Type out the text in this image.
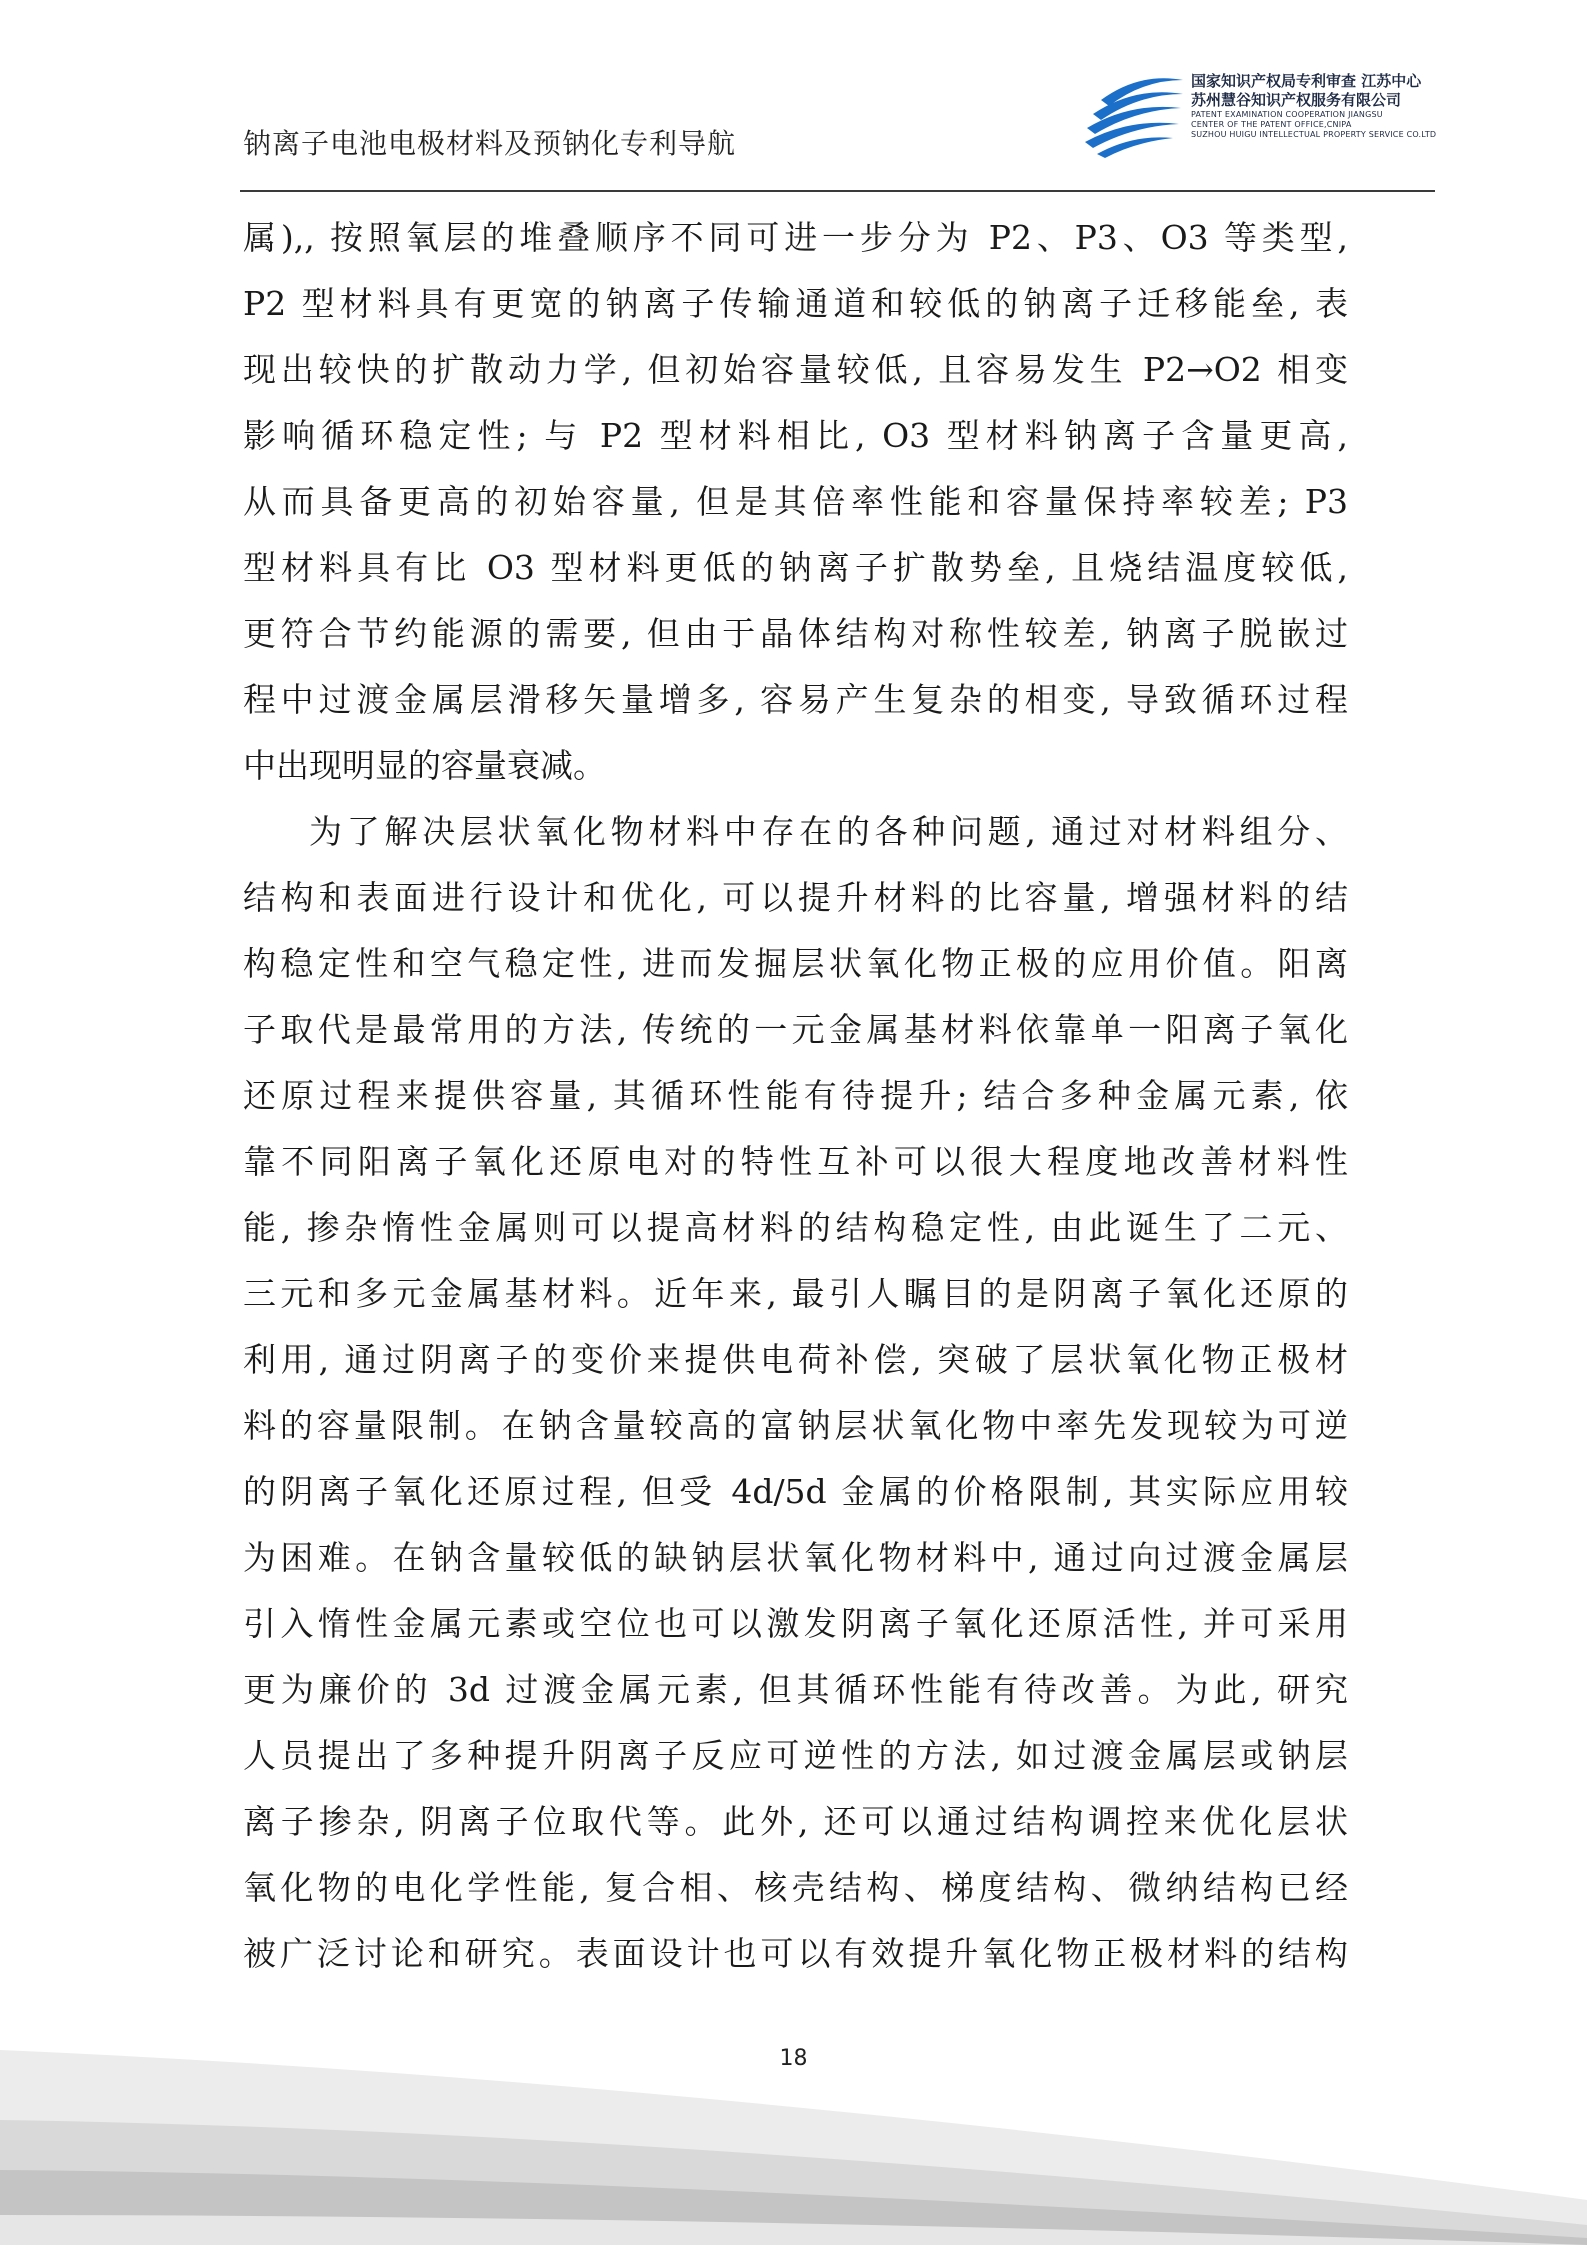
钠离子电池电极材料及预钠化专利导航
国家知识产权局专利审查 江苏中心
苏州慧谷知识产权服务有限公司
PATENT EXAMINATION COOPERATION JIANGSU
CENTER OF THE PATENT OFFICE,CNIPA
SUZHOU HUIGU INTELLECTUAL PROPERTY SERVICE CO.LTD
属),, 按照氧层的堆叠顺序不同可进一步分为 P2、P3、O3 等类型,
P2 型材料具有更宽的钠离子传输通道和较低的钠离子迁移能垒, 表
现出较快的扩散动力学, 但初始容量较低, 且容易发生 P2→O2 相变
影响循环稳定性; 与 P2 型材料相比, O3 型材料钠离子含量更高,
从而具备更高的初始容量, 但是其倍率性能和容量保持率较差; P3
型材料具有比 O3 型材料更低的钠离子扩散势垒, 且烧结温度较低,
更符合节约能源的需要, 但由于晶体结构对称性较差, 钠离子脱嵌过
程中过渡金属层滑移矢量增多, 容易产生复杂的相变, 导致循环过程
中出现明显的容量衰减。
为了解决层状氧化物材料中存在的各种问题, 通过对材料组分、
结构和表面进行设计和优化, 可以提升材料的比容量, 增强材料的结
构稳定性和空气稳定性, 进而发掘层状氧化物正极的应用价值。阳离
子取代是最常用的方法, 传统的一元金属基材料依靠单一阳离子氧化
还原过程来提供容量, 其循环性能有待提升; 结合多种金属元素, 依
靠不同阳离子氧化还原电对的特性互补可以很大程度地改善材料性
能, 掺杂惰性金属则可以提高材料的结构稳定性, 由此诞生了二元、
三元和多元金属基材料。近年来, 最引人瞩目的是阴离子氧化还原的
利用, 通过阴离子的变价来提供电荷补偿, 突破了层状氧化物正极材
料的容量限制。在钠含量较高的富钠层状氧化物中率先发现较为可逆
的阴离子氧化还原过程, 但受 4d/5d 金属的价格限制, 其实际应用较
为困难。在钠含量较低的缺钠层状氧化物材料中, 通过向过渡金属层
引入惰性金属元素或空位也可以激发阴离子氧化还原活性, 并可采用
更为廉价的 3d 过渡金属元素, 但其循环性能有待改善。为此, 研究
人员提出了多种提升阴离子反应可逆性的方法, 如过渡金属层或钠层
离子掺杂, 阴离子位取代等。此外, 还可以通过结构调控来优化层状
氧化物的电化学性能, 复合相、核壳结构、梯度结构、微纳结构已经
被广泛讨论和研究。表面设计也可以有效提升氧化物正极材料的结构
18
